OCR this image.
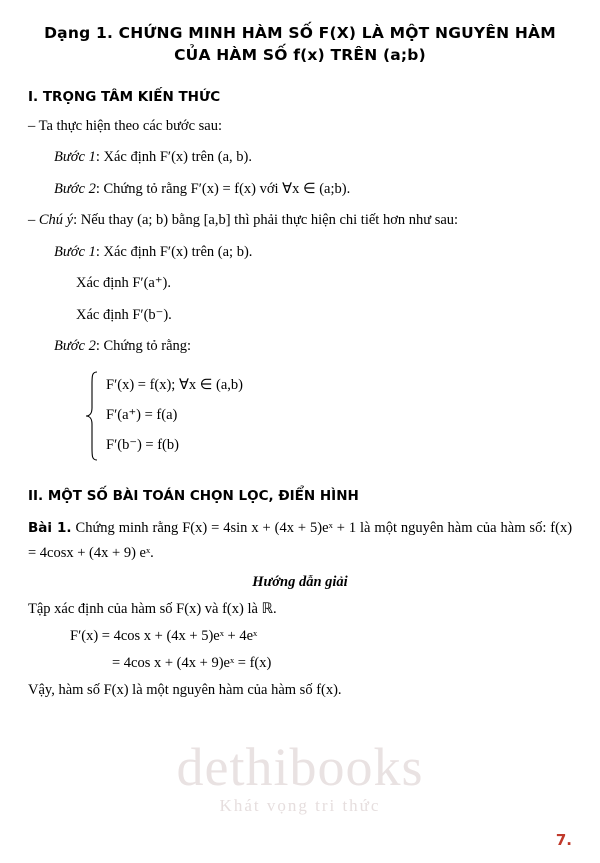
dethibooks
Khát vọng tri thức
Dạng 1. CHỨNG MINH HÀM SỐ F(X) LÀ MỘT NGUYÊN HÀM
CỦA HÀM SỐ f(x) TRÊN (a;b)
I. TRỌNG TÂM KIẾN THỨC
– Ta thực hiện theo các bước sau:
Bước 1: Xác định F′(x) trên (a, b).
Bước 2: Chứng tỏ rằng F′(x) = f(x) với ∀x ∈ (a;b).
– Chú ý: Nếu thay (a; b) bằng [a,b] thì phải thực hiện chi tiết hơn như sau:
Bước 1: Xác định F′(x) trên (a; b).
Xác định F′(a⁺).
Xác định F′(b⁻).
Bước 2: Chứng tỏ rằng:
F′(x) = f(x); ∀x ∈ (a,b)
F′(a⁺) = f(a)
F′(b⁻) = f(b)
II. MỘT SỐ BÀI TOÁN CHỌN LỌC, ĐIỂN HÌNH
Bài 1. Chứng minh rằng F(x) = 4sin x + (4x + 5)eˣ + 1 là một nguyên hàm của hàm số: f(x) = 4cosx + (4x + 9) eˣ.
Hướng dẫn giải
Tập xác định của hàm số F(x) và f(x) là ℝ.
F′(x) = 4cos x + (4x + 5)eˣ + 4eˣ
= 4cos x + (4x + 9)eˣ = f(x)
Vậy, hàm số F(x) là một nguyên hàm của hàm số f(x).
7.
